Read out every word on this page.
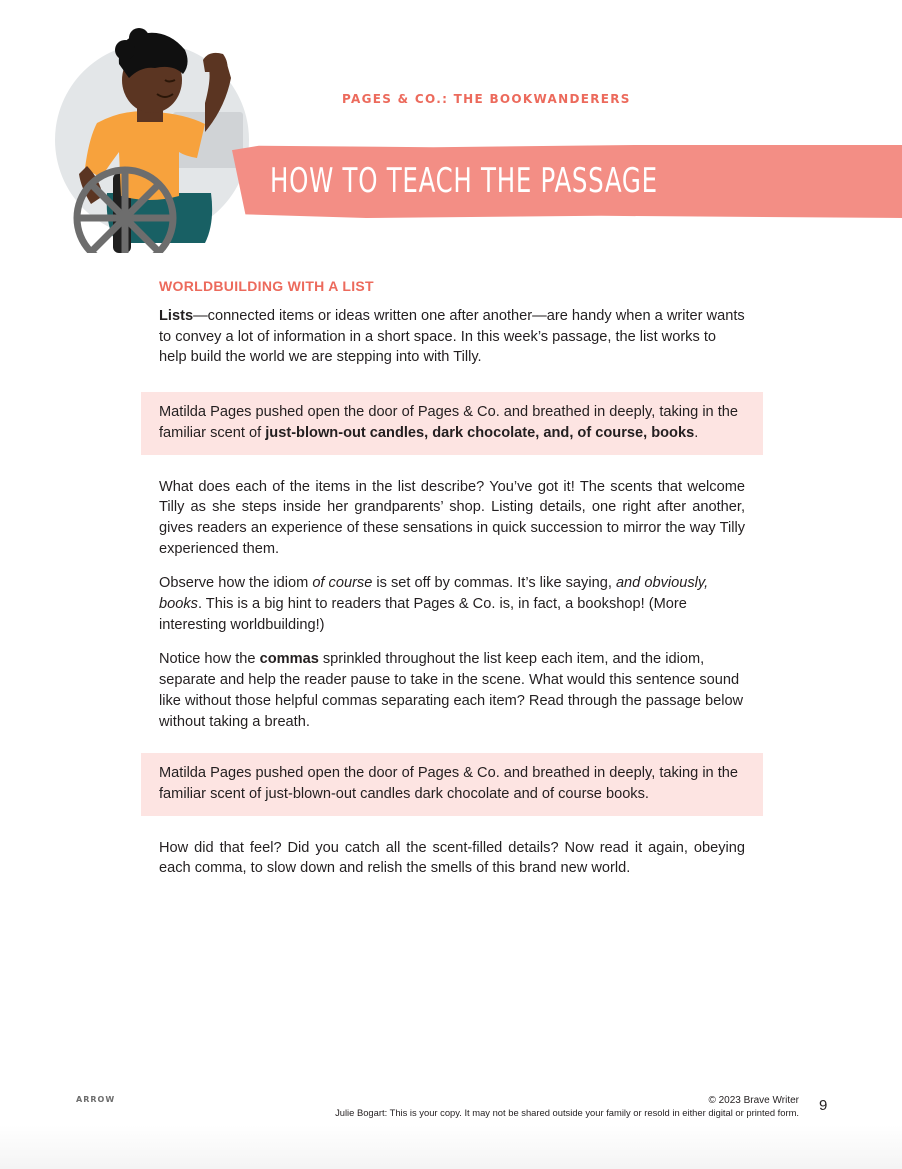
PAGES & CO.: THE BOOKWANDERERS
HOW TO TEACH THE PASSAGE
WORLDBUILDING WITH A LIST

Lists—connected items or ideas written one after another—are handy when a writer wants to convey a lot of information in a short space. In this week’s passage, the list works to help build the world we are stepping into with Tilly.

Matilda Pages pushed open the door of Pages & Co. and breathed in deeply, taking in the familiar scent of just-blown-out candles, dark chocolate, and, of course, books.

What does each of the items in the list describe? You’ve got it! The scents that welcome Tilly as she steps inside her grandparents’ shop. Listing details, one right after another, gives readers an experience of these sensations in quick succession to mirror the way Tilly experienced them.

Observe how the idiom of course is set off by commas. It’s like saying, and obviously, books. This is a big hint to readers that Pages & Co. is, in fact, a bookshop! (More interesting worldbuilding!)

Notice how the commas sprinkled throughout the list keep each item, and the idiom, separate and help the reader pause to take in the scene. What would this sentence sound like without those helpful commas separating each item? Read through the passage below without taking a breath.

Matilda Pages pushed open the door of Pages & Co. and breathed in deeply, taking in the familiar scent of just-blown-out candles dark chocolate and of course books.

How did that feel? Did you catch all the scent-filled details? Now read it again, obeying each comma, to slow down and relish the smells of this brand new world.

ARROW	© 2023 Brave Writer
Julie Bogart: This is your copy. It may not be shared outside your family or resold in either digital or printed form. 9
